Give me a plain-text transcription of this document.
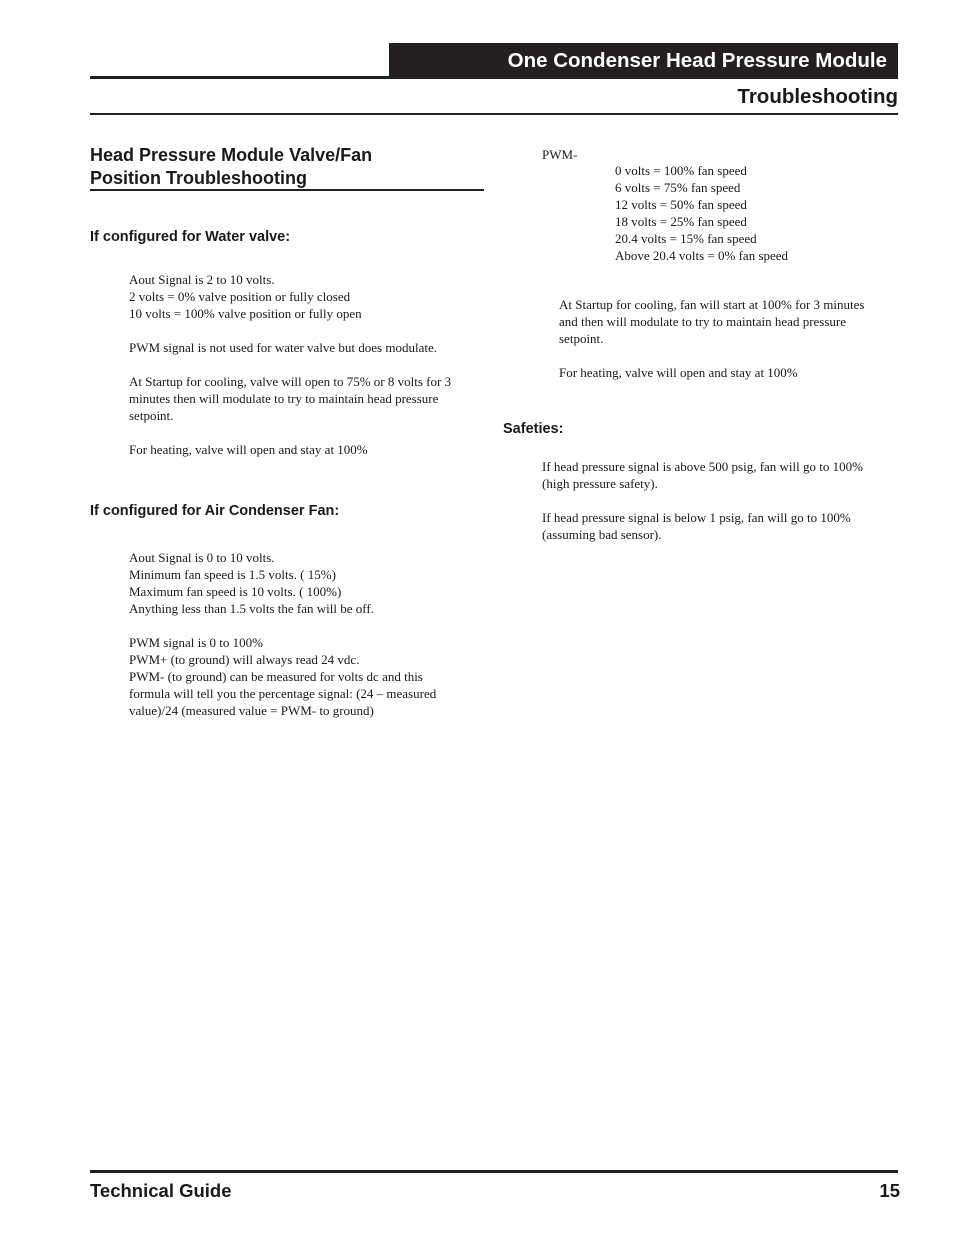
One Condenser Head Pressure Module
Troubleshooting
Head Pressure Module Valve/Fan
Position Troubleshooting
If configured for Water valve:

Aout Signal is 2 to 10 volts.
2 volts = 0% valve position or fully closed
10 volts = 100% valve position or fully open

PWM signal is not used for water valve but does modulate.

At Startup for cooling, valve will open to 75% or 8 volts for 3
minutes then will modulate to try to maintain head pressure
setpoint.

For heating, valve will open and stay at 100%

If configured for Air Condenser Fan:

Aout Signal is 0 to 10 volts.
Minimum fan speed is 1.5 volts. ( 15%)
Maximum fan speed is 10 volts. ( 100%)
Anything less than 1.5 volts the fan will be off.

PWM signal is 0 to 100%
PWM+ (to ground) will always read 24 vdc.
PWM- (to ground) can be measured for volts dc and this
formula will tell you the percentage signal: (24 – measured
value)/24 (measured value = PWM- to ground)

PWM-
0 volts = 100% fan speed
6 volts = 75% fan speed
12 volts = 50% fan speed
18 volts = 25% fan speed
20.4 volts = 15% fan speed
Above 20.4 volts = 0% fan speed

At Startup for cooling, fan will start at 100% for 3 minutes
and then will modulate to try to maintain head pressure
setpoint.

For heating, valve will open and stay at 100%

Safeties:

If head pressure signal is above 500 psig, fan will go to 100%
(high pressure safety).

If head pressure signal is below 1 psig, fan will go to 100%
(assuming bad sensor).

Technical Guide	15
